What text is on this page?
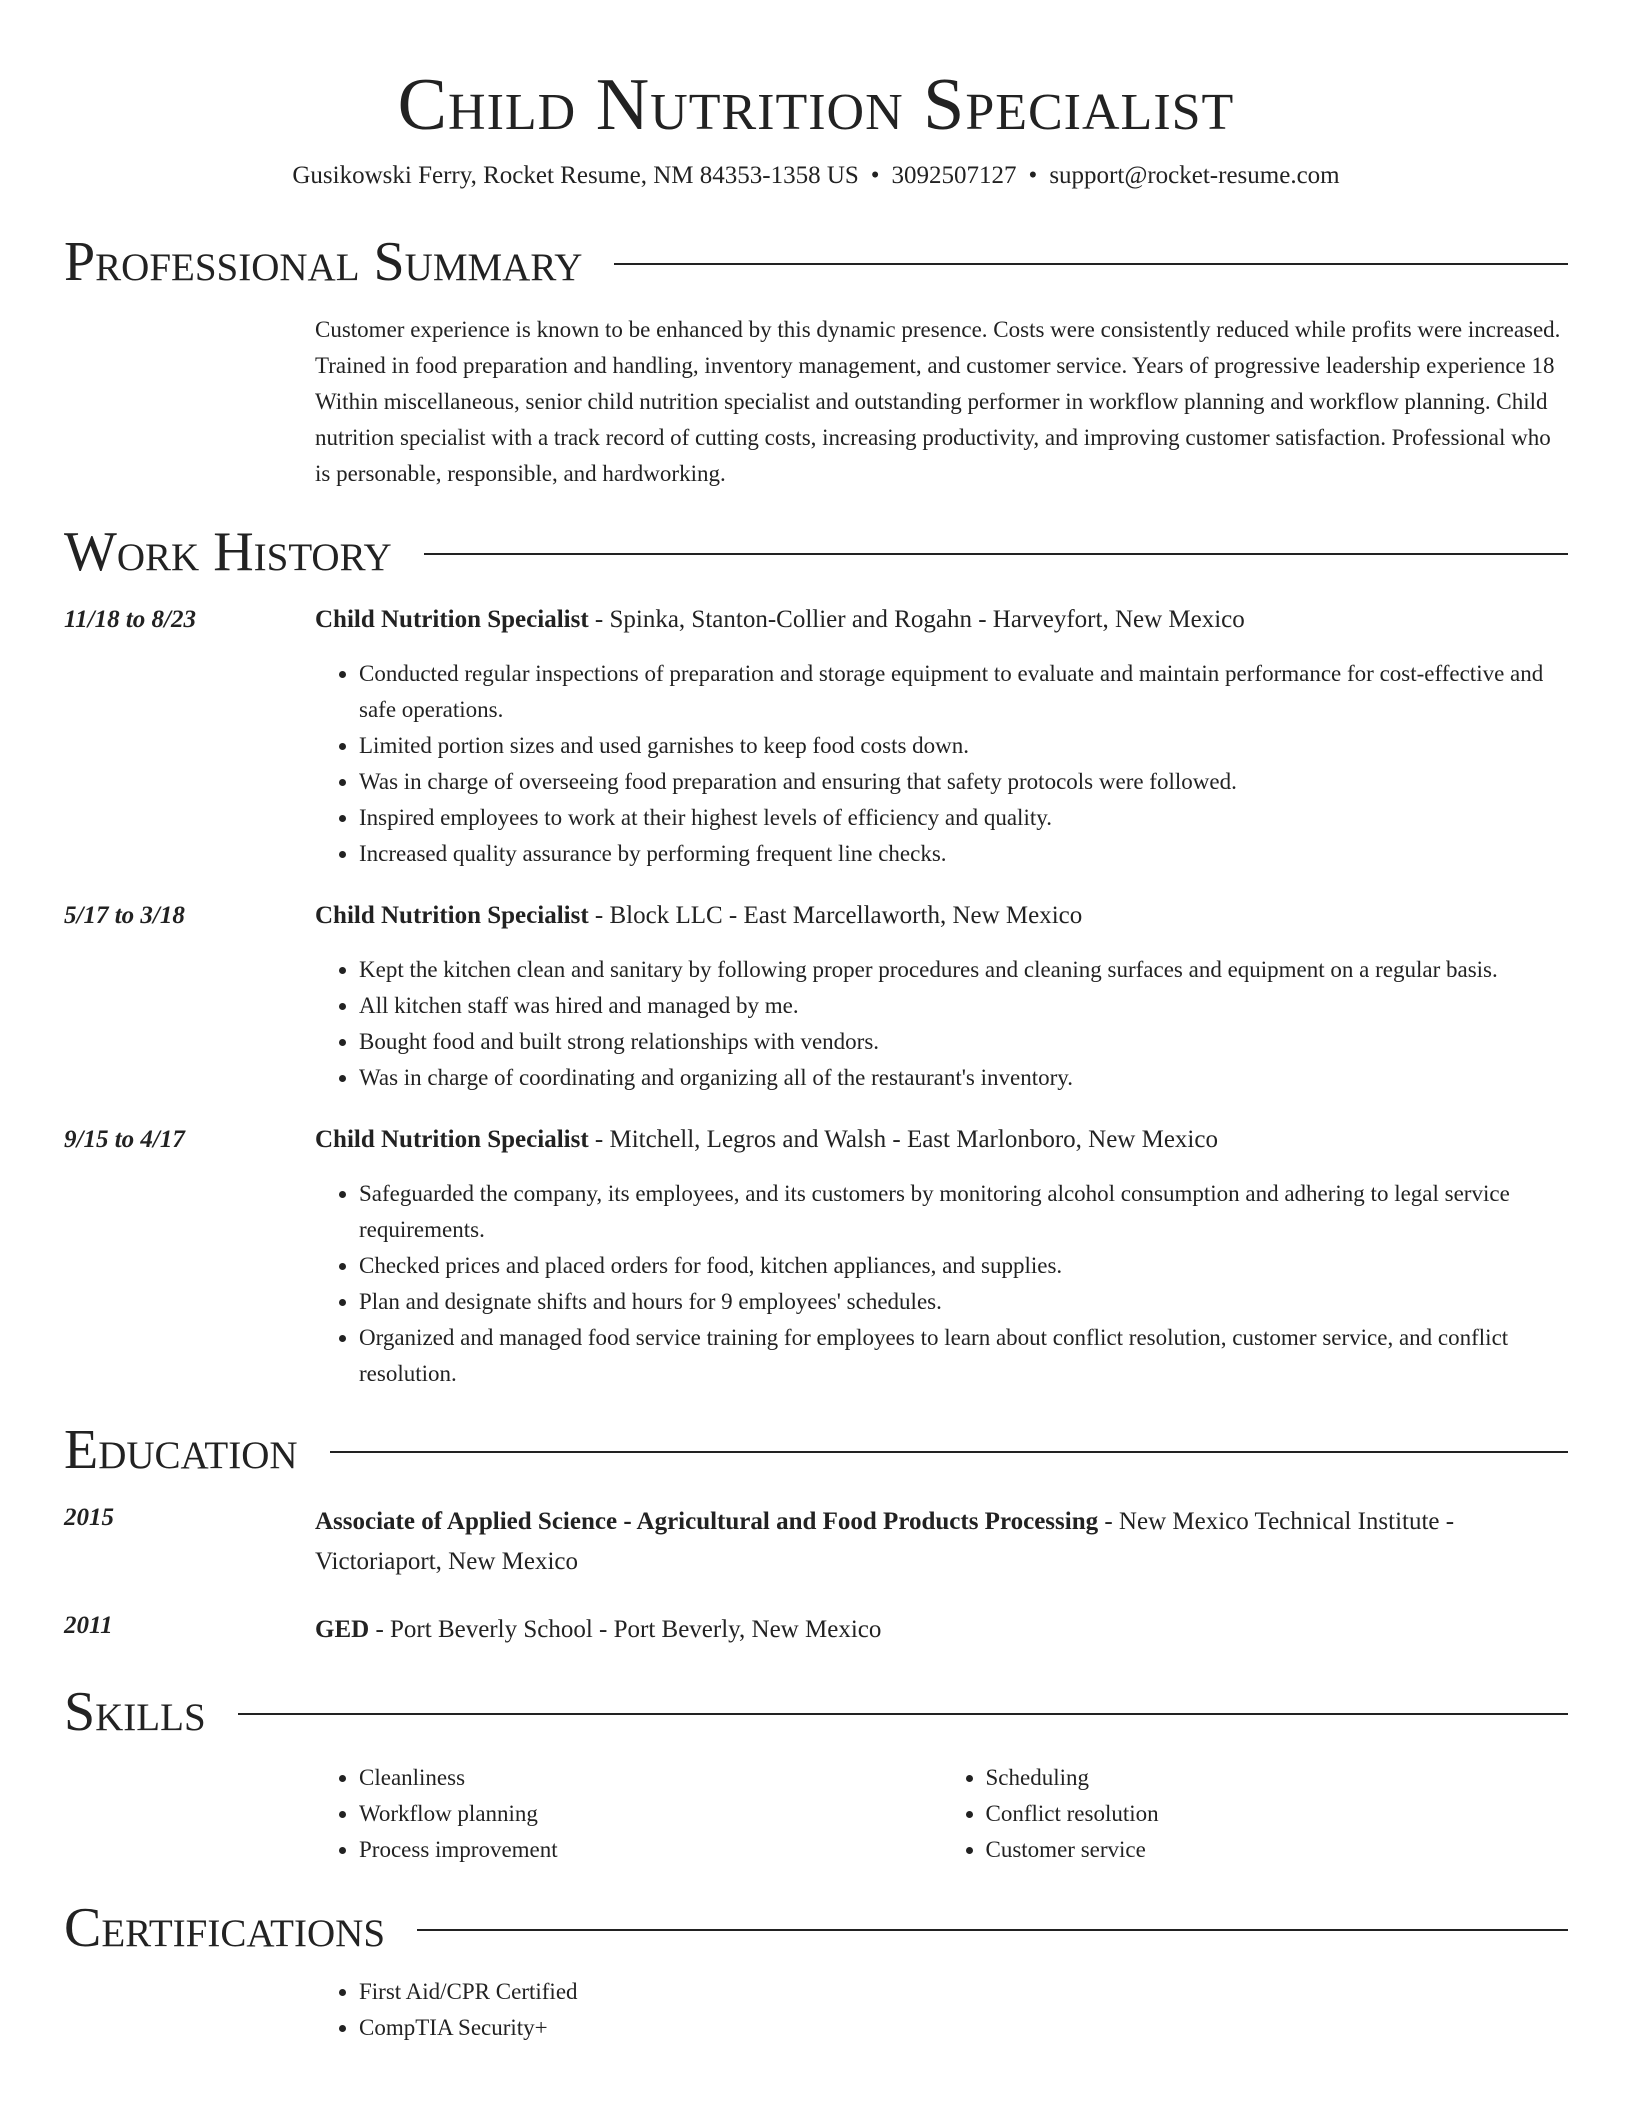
Child Nutrition Specialist
Gusikowski Ferry, Rocket Resume, NM 84353-1358 US • 3092507127 • support@rocket-resume.com
Professional Summary
Customer experience is known to be enhanced by this dynamic presence. Costs were consistently reduced while profits were increased. Trained in food preparation and handling, inventory management, and customer service. Years of progressive leadership experience 18 Within miscellaneous, senior child nutrition specialist and outstanding performer in workflow planning and workflow planning. Child nutrition specialist with a track record of cutting costs, increasing productivity, and improving customer satisfaction. Professional who is personable, responsible, and hardworking.
Work History
11/18 to 8/23	Child Nutrition Specialist - Spinka, Stanton-Collier and Rogahn - Harveyfort, New Mexico
• Conducted regular inspections of preparation and storage equipment to evaluate and maintain performance for cost-effective and safe operations.
• Limited portion sizes and used garnishes to keep food costs down.
• Was in charge of overseeing food preparation and ensuring that safety protocols were followed.
• Inspired employees to work at their highest levels of efficiency and quality.
• Increased quality assurance by performing frequent line checks.
5/17 to 3/18	Child Nutrition Specialist - Block LLC - East Marcellaworth, New Mexico
• Kept the kitchen clean and sanitary by following proper procedures and cleaning surfaces and equipment on a regular basis.
• All kitchen staff was hired and managed by me.
• Bought food and built strong relationships with vendors.
• Was in charge of coordinating and organizing all of the restaurant's inventory.
9/15 to 4/17	Child Nutrition Specialist - Mitchell, Legros and Walsh - East Marlonboro, New Mexico
• Safeguarded the company, its employees, and its customers by monitoring alcohol consumption and adhering to legal service requirements.
• Checked prices and placed orders for food, kitchen appliances, and supplies.
• Plan and designate shifts and hours for 9 employees' schedules.
• Organized and managed food service training for employees to learn about conflict resolution, customer service, and conflict resolution.
Education
2015	Associate of Applied Science - Agricultural and Food Products Processing - New Mexico Technical Institute - Victoriaport, New Mexico
2011	GED - Port Beverly School - Port Beverly, New Mexico
Skills
• Cleanliness
• Workflow planning
• Process improvement
• Scheduling
• Conflict resolution
• Customer service
Certifications
• First Aid/CPR Certified
• CompTIA Security+
